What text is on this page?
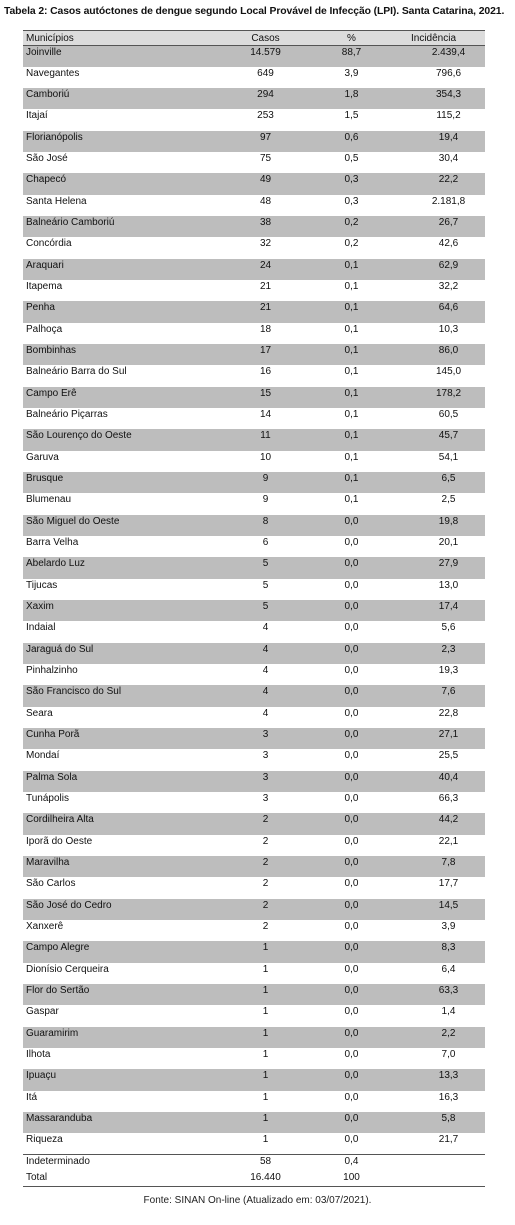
Tabela 2: Casos autóctones de dengue segundo Local Provável de Infecção (LPI). Santa Catarina, 2021.
Municípios	Casos	%	Incidência
Joinville	14.579	88,7	2.439,4
Navegantes	649	3,9	796,6
Camboriú	294	1,8	354,3
Itajaí	253	1,5	115,2
Florianópolis	97	0,6	19,4
São José	75	0,5	30,4
Chapecó	49	0,3	22,2
Santa Helena	48	0,3	2.181,8
Balneário Camboriú	38	0,2	26,7
Concórdia	32	0,2	42,6
Araquari	24	0,1	62,9
Itapema	21	0,1	32,2
Penha	21	0,1	64,6
Palhoça	18	0,1	10,3
Bombinhas	17	0,1	86,0
Balneário Barra do Sul	16	0,1	145,0
Campo Erê	15	0,1	178,2
Balneário Piçarras	14	0,1	60,5
São Lourenço do Oeste	11	0,1	45,7
Garuva	10	0,1	54,1
Brusque	9	0,1	6,5
Blumenau	9	0,1	2,5
São Miguel do Oeste	8	0,0	19,8
Barra Velha	6	0,0	20,1
Abelardo Luz	5	0,0	27,9
Tijucas	5	0,0	13,0
Xaxim	5	0,0	17,4
Indaial	4	0,0	5,6
Jaraguá do Sul	4	0,0	2,3
Pinhalzinho	4	0,0	19,3
São Francisco do Sul	4	0,0	7,6
Seara	4	0,0	22,8
Cunha Porã	3	0,0	27,1
Mondaí	3	0,0	25,5
Palma Sola	3	0,0	40,4
Tunápolis	3	0,0	66,3
Cordilheira Alta	2	0,0	44,2
Iporã do Oeste	2	0,0	22,1
Maravilha	2	0,0	7,8
São Carlos	2	0,0	17,7
São José do Cedro	2	0,0	14,5
Xanxerê	2	0,0	3,9
Campo Alegre	1	0,0	8,3
Dionísio Cerqueira	1	0,0	6,4
Flor do Sertão	1	0,0	63,3
Gaspar	1	0,0	1,4
Guaramirim	1	0,0	2,2
Ilhota	1	0,0	7,0
Ipuaçu	1	0,0	13,3
Itá	1	0,0	16,3
Massaranduba	1	0,0	5,8
Riqueza	1	0,0	21,7
Indeterminado	58	0,4	
Total	16.440	100	
Fonte: SINAN On-line (Atualizado em: 03/07/2021).
